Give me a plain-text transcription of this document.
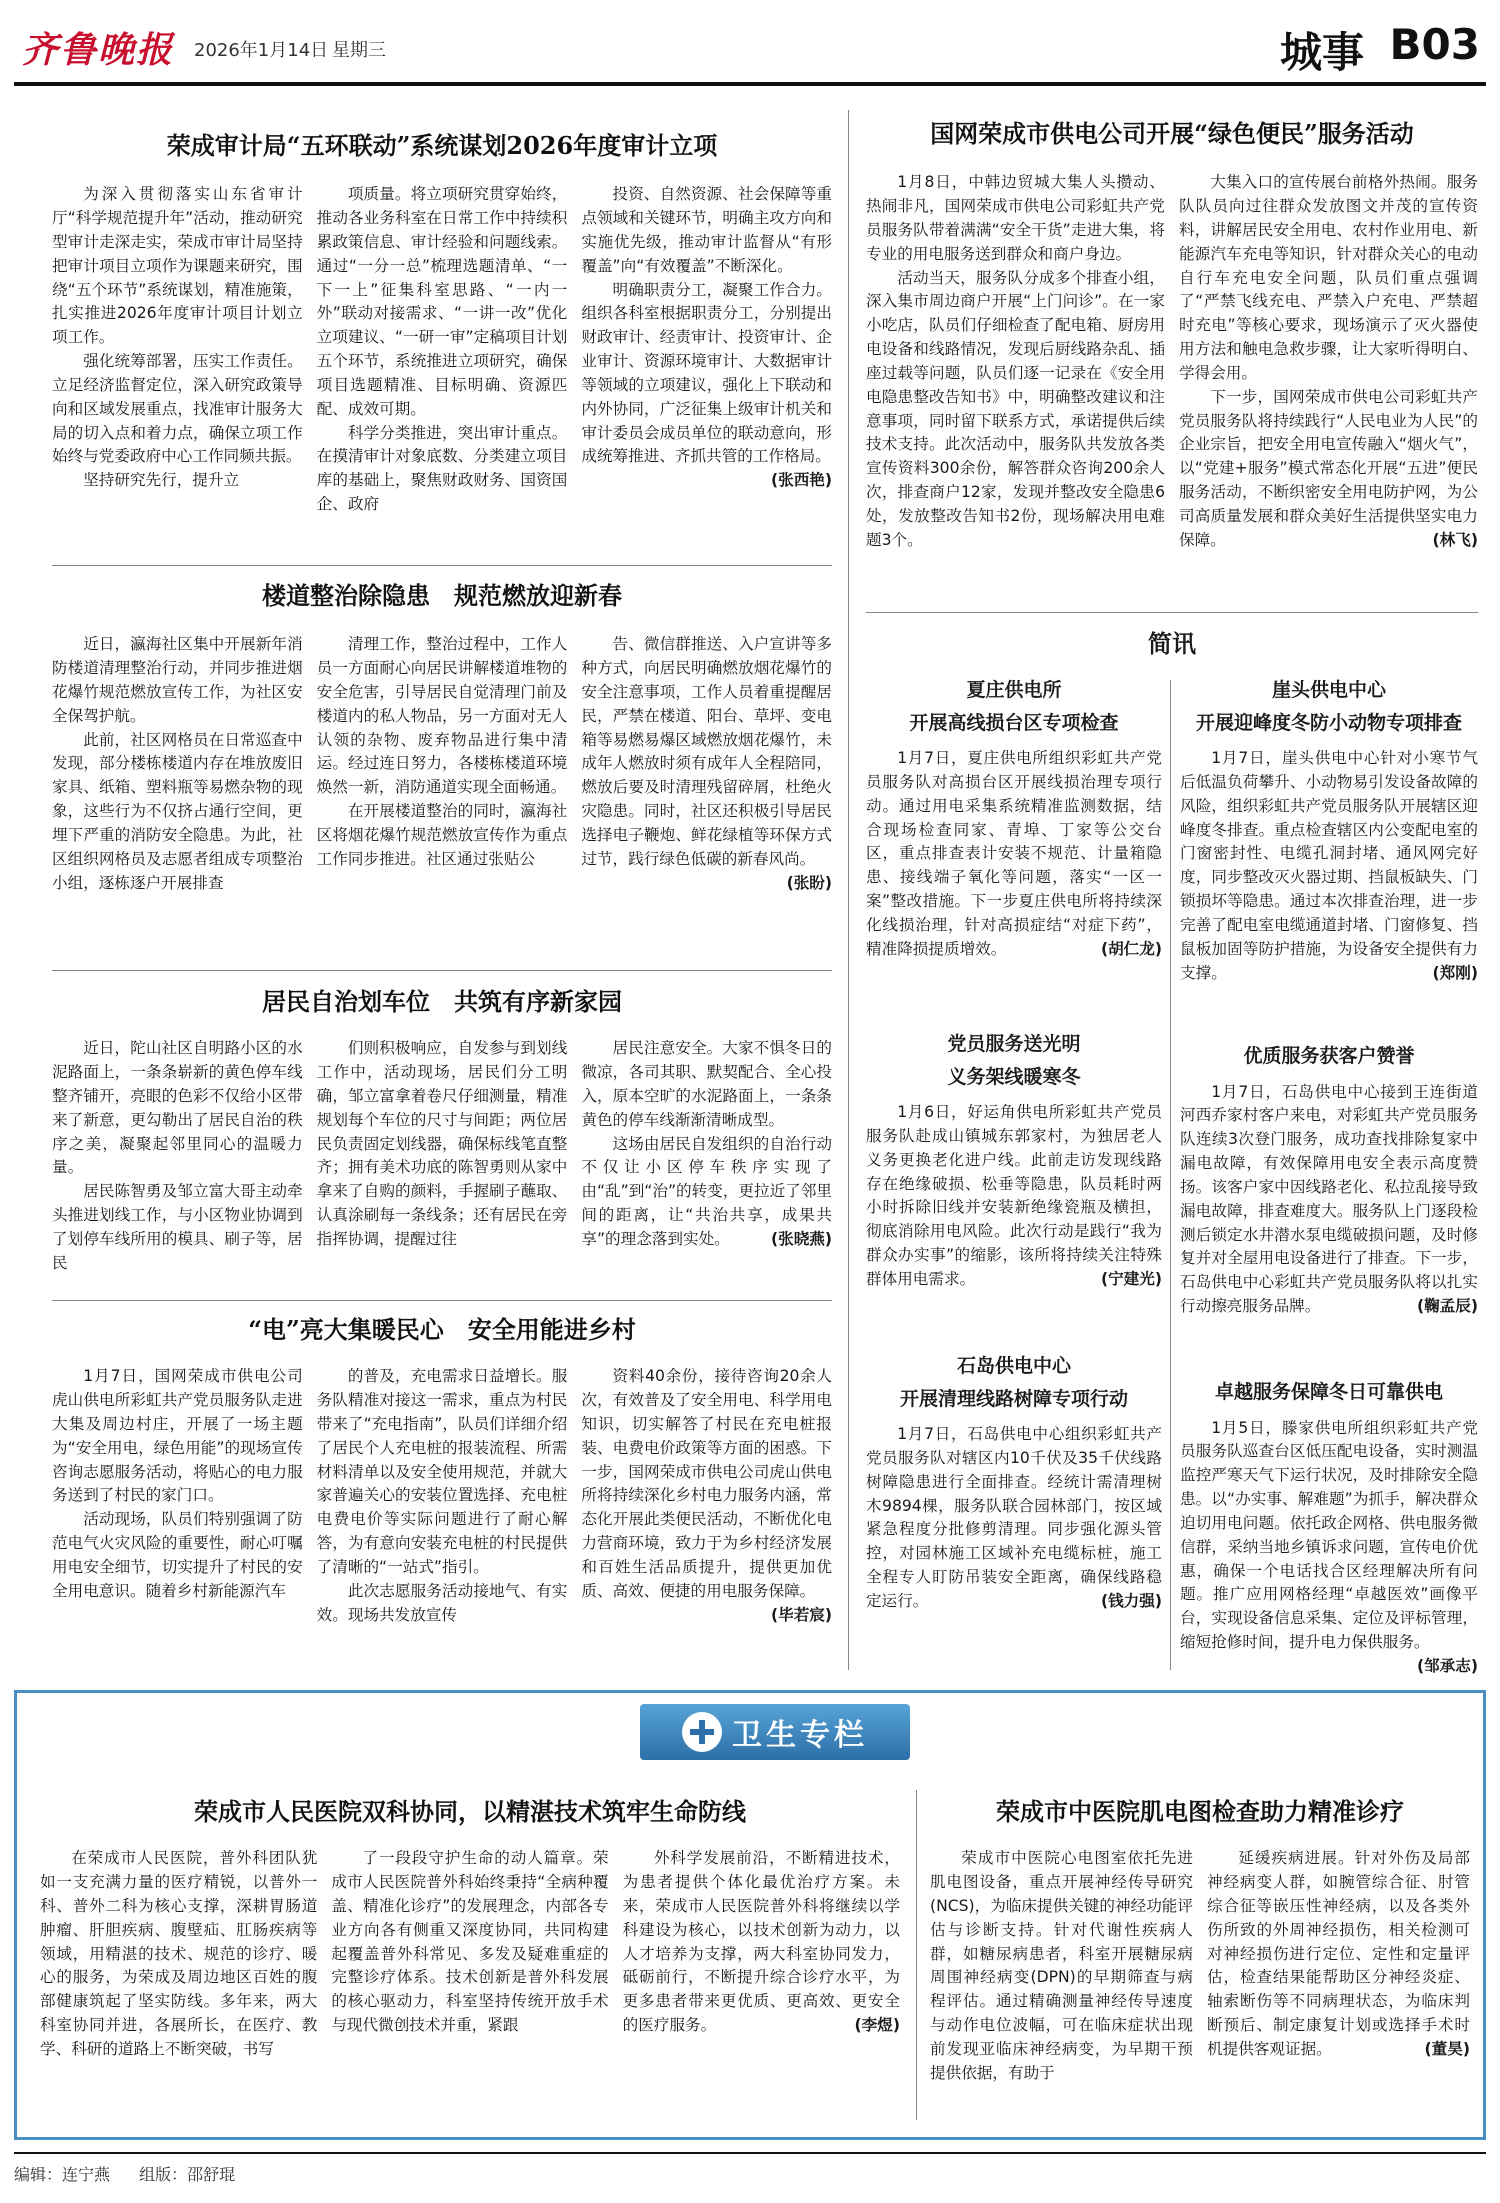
齐鲁晚报 2026年1月14日 星期三	城事 B03
荣成审计局“五环联动”系统谋划2026年度审计立项

为深入贯彻落实山东省审计厅“科学规范提升年”活动，推动研究型审计走深走实，荣成市审计局坚持把审计项目立项作为课题来研究，围绕“五个环节”系统谋划，精准施策，扎实推进2026年度审计项目计划立项工作。

强化统筹部署，压实工作责任。立足经济监督定位，深入研究政策导向和区域发展重点，找准审计服务大局的切入点和着力点，确保立项工作始终与党委政府中心工作同频共振。

坚持研究先行，提升立

项质量。将立项研究贯穿始终，推动各业务科室在日常工作中持续积累政策信息、审计经验和问题线索。通过“一分一总”梳理选题清单、“一下一上”征集科室思路、“一内一外”联动对接需求、“一讲一改”优化立项建议、“一研一审”定稿项目计划五个环节，系统推进立项研究，确保项目选题精准、目标明确、资源匹配、成效可期。

科学分类推进，突出审计重点。在摸清审计对象底数、分类建立项目库的基础上，聚焦财政财务、国资国企、政府

投资、自然资源、社会保障等重点领域和关键环节，明确主攻方向和实施优先级，推动审计监督从“有形覆盖”向“有效覆盖”不断深化。

明确职责分工，凝聚工作合力。组织各科室根据职责分工，分别提出财政审计、经责审计、投资审计、企业审计、资源环境审计、大数据审计等领域的立项建议，强化上下联动和内外协同，广泛征集上级审计机关和审计委员会成员单位的联动意向，形成统筹推进、齐抓共管的工作格局。
(张西艳)

楼道整治除隐患　规范燃放迎新春

近日，瀛海社区集中开展新年消防楼道清理整治行动，并同步推进烟花爆竹规范燃放宣传工作，为社区安全保驾护航。

此前，社区网格员在日常巡查中发现，部分楼栋楼道内存在堆放废旧家具、纸箱、塑料瓶等易燃杂物的现象，这些行为不仅挤占通行空间，更埋下严重的消防安全隐患。为此，社区组织网格员及志愿者组成专项整治小组，逐栋逐户开展排查

清理工作，整治过程中，工作人员一方面耐心向居民讲解楼道堆物的安全危害，引导居民自觉清理门前及楼道内的私人物品，另一方面对无人认领的杂物、废弃物品进行集中清运。经过连日努力，各楼栋楼道环境焕然一新，消防通道实现全面畅通。

在开展楼道整治的同时，瀛海社区将烟花爆竹规范燃放宣传作为重点工作同步推进。社区通过张贴公

告、微信群推送、入户宣讲等多种方式，向居民明确燃放烟花爆竹的安全注意事项，工作人员着重提醒居民，严禁在楼道、阳台、草坪、变电箱等易燃易爆区域燃放烟花爆竹，未成年人燃放时须有成年人全程陪同，燃放后要及时清理残留碎屑，杜绝火灾隐患。同时，社区还积极引导居民选择电子鞭炮、鲜花绿植等环保方式过节，践行绿色低碳的新春风尚。
(张盼)

居民自治划车位　共筑有序新家园

近日，陀山社区自明路小区的水泥路面上，一条条崭新的黄色停车线整齐铺开，亮眼的色彩不仅给小区带来了新意，更勾勒出了居民自治的秩序之美，凝聚起邻里同心的温暖力量。

居民陈智勇及邹立富大哥主动牵头推进划线工作，与小区物业协调到了划停车线所用的模具、刷子等，居民

们则积极响应，自发参与到划线工作中，活动现场，居民们分工明确，邹立富拿着卷尺仔细测量，精准规划每个车位的尺寸与间距；两位居民负责固定划线器，确保标线笔直整齐；拥有美术功底的陈智勇则从家中拿来了自购的颜料，手握刷子蘸取、认真涂刷每一条线条；还有居民在旁指挥协调，提醒过往

居民注意安全。大家不惧冬日的微凉，各司其职、默契配合、全心投入，原本空旷的水泥路面上，一条条黄色的停车线渐渐清晰成型。

这场由居民自发组织的自治行动不仅让小区停车秩序实现了由“乱”到“治”的转变，更拉近了邻里间的距离，让“共治共享，成果共享”的理念落到实处。	(张晓燕)

“电”亮大集暖民心　安全用能进乡村

1月7日，国网荣成市供电公司虎山供电所彩虹共产党员服务队走进大集及周边村庄，开展了一场主题为“安全用电，绿色用能”的现场宣传咨询志愿服务活动，将贴心的电力服务送到了村民的家门口。

活动现场，队员们特别强调了防范电气火灾风险的重要性，耐心叮嘱用电安全细节，切实提升了村民的安全用电意识。随着乡村新能源汽车

的普及，充电需求日益增长。服务队精准对接这一需求，重点为村民带来了“充电指南”，队员们详细介绍了居民个人充电桩的报装流程、所需材料清单以及安全使用规范，并就大家普遍关心的安装位置选择、充电桩电费电价等实际问题进行了耐心解答，为有意向安装充电桩的村民提供了清晰的“一站式”指引。

此次志愿服务活动接地气、有实效。现场共发放宣传

资料40余份，接待咨询20余人次，有效普及了安全用电、科学用电知识，切实解答了村民在充电桩报装、电费电价政策等方面的困惑。下一步，国网荣成市供电公司虎山供电所将持续深化乡村电力服务内涵，常态化开展此类便民活动，不断优化电力营商环境，致力于为乡村经济发展和百姓生活品质提升，提供更加优质、高效、便捷的用电服务保障。
(毕若宸)

国网荣成市供电公司开展“绿色便民”服务活动

1月8日，中韩边贸城大集人头攒动、热闹非凡，国网荣成市供电公司彩虹共产党员服务队带着满满“安全干货”走进大集，将专业的用电服务送到群众和商户身边。

活动当天，服务队分成多个排查小组，深入集市周边商户开展“上门问诊”。在一家小吃店，队员们仔细检查了配电箱、厨房用电设备和线路情况，发现后厨线路杂乱、插座过载等问题，队员们逐一记录在《安全用电隐患整改告知书》中，明确整改建议和注意事项，同时留下联系方式，承诺提供后续技术支持。此次活动中，服务队共发放各类宣传资料300余份，解答群众咨询200余人次，排查商户12家，发现并整改安全隐患6处，发放整改告知书2份，现场解决用电难题3个。

大集入口的宣传展台前格外热闹。服务队队员向过往群众发放图文并茂的宣传资料，讲解居民安全用电、农村作业用电、新能源汽车充电等知识，针对群众关心的电动自行车充电安全问题，队员们重点强调了“严禁飞线充电、严禁入户充电、严禁超时充电”等核心要求，现场演示了灭火器使用方法和触电急救步骤，让大家听得明白、学得会用。

下一步，国网荣成市供电公司彩虹共产党员服务队将持续践行“人民电业为人民”的企业宗旨，把安全用电宣传融入“烟火气”，以“党建+服务”模式常态化开展“五进”便民服务活动，不断织密安全用电防护网，为公司高质量发展和群众美好生活提供坚实电力保障。	(林飞)

简讯
夏庄供电所
开展高线损台区专项检查

1月7日，夏庄供电所组织彩虹共产党员服务队对高损台区开展线损治理专项行动。通过用电采集系统精准监测数据，结合现场检查同家、青埠、丁家等公交台区，重点排查表计安装不规范、计量箱隐患、接线端子氧化等问题，落实“一区一案”整改措施。下一步夏庄供电所将持续深化线损治理，针对高损症结“对症下药”，精准降损提质增效。	(胡仁龙)

崖头供电中心
开展迎峰度冬防小动物专项排查

1月7日，崖头供电中心针对小寒节气后低温负荷攀升、小动物易引发设备故障的风险，组织彩虹共产党员服务队开展辖区迎峰度冬排查。重点检查辖区内公变配电室的门窗密封性、电缆孔洞封堵、通风网完好度，同步整改灭火器过期、挡鼠板缺失、门锁损坏等隐患。通过本次排查治理，进一步完善了配电室电缆通道封堵、门窗修复、挡鼠板加固等防护措施，为设备安全提供有力支撑。	(郑刚)

党员服务送光明
义务架线暖寒冬

1月6日，好运角供电所彩虹共产党员服务队赴成山镇城东郭家村，为独居老人义务更换老化进户线。此前走访发现线路存在绝缘破损、松垂等隐患，队员耗时两小时拆除旧线并安装新绝缘瓷瓶及横担，彻底消除用电风险。此次行动是践行“我为群众办实事”的缩影，该所将持续关注特殊群体用电需求。	(宁建光)

优质服务获客户赞誉

1月7日，石岛供电中心接到王连街道河西乔家村客户来电，对彩虹共产党员服务队连续3次登门服务，成功查找排除复家中漏电故障，有效保障用电安全表示高度赞扬。该客户家中因线路老化、私拉乱接导致漏电故障，排查难度大。服务队上门逐段检测后锁定水井潜水泵电缆破损问题，及时修复并对全屋用电设备进行了排查。下一步，石岛供电中心彩虹共产党员服务队将以扎实行动擦亮服务品牌。	(鞠孟辰)

石岛供电中心
开展清理线路树障专项行动

1月7日，石岛供电中心组织彩虹共产党员服务队对辖区内10千伏及35千伏线路树障隐患进行全面排查。经统计需清理树木9894棵，服务队联合园林部门，按区域紧急程度分批修剪清理。同步强化源头管控，对园林施工区域补充电缆标桩，施工全程专人盯防吊装安全距离，确保线路稳定运行。	(钱力强)

卓越服务保障冬日可靠供电

1月5日，滕家供电所组织彩虹共产党员服务队巡查台区低压配电设备，实时测温监控严寒天气下运行状况，及时排除安全隐患。以“办实事、解难题”为抓手，解决群众迫切用电问题。依托政企网格、供电服务微信群，采纳当地乡镇诉求问题，宣传电价优惠，确保一个电话找合区经理解决所有问题。推广应用网格经理“卓越医效”画像平台，实现设备信息采集、定位及评标管理，缩短抢修时间，提升电力保供服务。
(邹承志)

卫生专栏
荣成市人民医院双科协同，以精湛技术筑牢生命防线

在荣成市人民医院，普外科团队犹如一支充满力量的医疗精锐，以普外一科、普外二科为核心支撑，深耕胃肠道肿瘤、肝胆疾病、腹壁疝、肛肠疾病等领域，用精湛的技术、规范的诊疗、暖心的服务，为荣成及周边地区百姓的腹部健康筑起了坚实防线。多年来，两大科室协同并进，各展所长，在医疗、教学、科研的道路上不断突破，书写

了一段段守护生命的动人篇章。荣成市人民医院普外科始终秉持“全病种覆盖、精准化诊疗”的发展理念，内部各专业方向各有侧重又深度协同，共同构建起覆盖普外科常见、多发及疑难重症的完整诊疗体系。技术创新是普外科发展的核心驱动力，科室坚持传统开放手术与现代微创技术并重，紧跟

外科学发展前沿，不断精进技术，为患者提供个体化最优治疗方案。未来，荣成市人民医院普外科将继续以学科建设为核心，以技术创新为动力，以人才培养为支撑，两大科室协同发力，砥砺前行，不断提升综合诊疗水平，为更多患者带来更优质、更高效、更安全的医疗服务。	(李煜)

荣成市中医院肌电图检查助力精准诊疗

荣成市中医院心电图室依托先进肌电图设备，重点开展神经传导研究(NCS)，为临床提供关键的神经功能评估与诊断支持。针对代谢性疾病人群，如糖尿病患者，科室开展糖尿病周围神经病变(DPN)的早期筛查与病程评估。通过精确测量神经传导速度与动作电位波幅，可在临床症状出现前发现亚临床神经病变，为早期干预提供依据，有助于

延缓疾病进展。针对外伤及局部神经病变人群，如腕管综合征、肘管综合征等嵌压性神经病，以及各类外伤所致的外周神经损伤，相关检测可对神经损伤进行定位、定性和定量评估，检查结果能帮助区分神经炎症、轴索断伤等不同病理状态，为临床判断预后、制定康复计划或选择手术时机提供客观证据。	(董昊)

编辑：连宁燕 组版：邵舒琨
